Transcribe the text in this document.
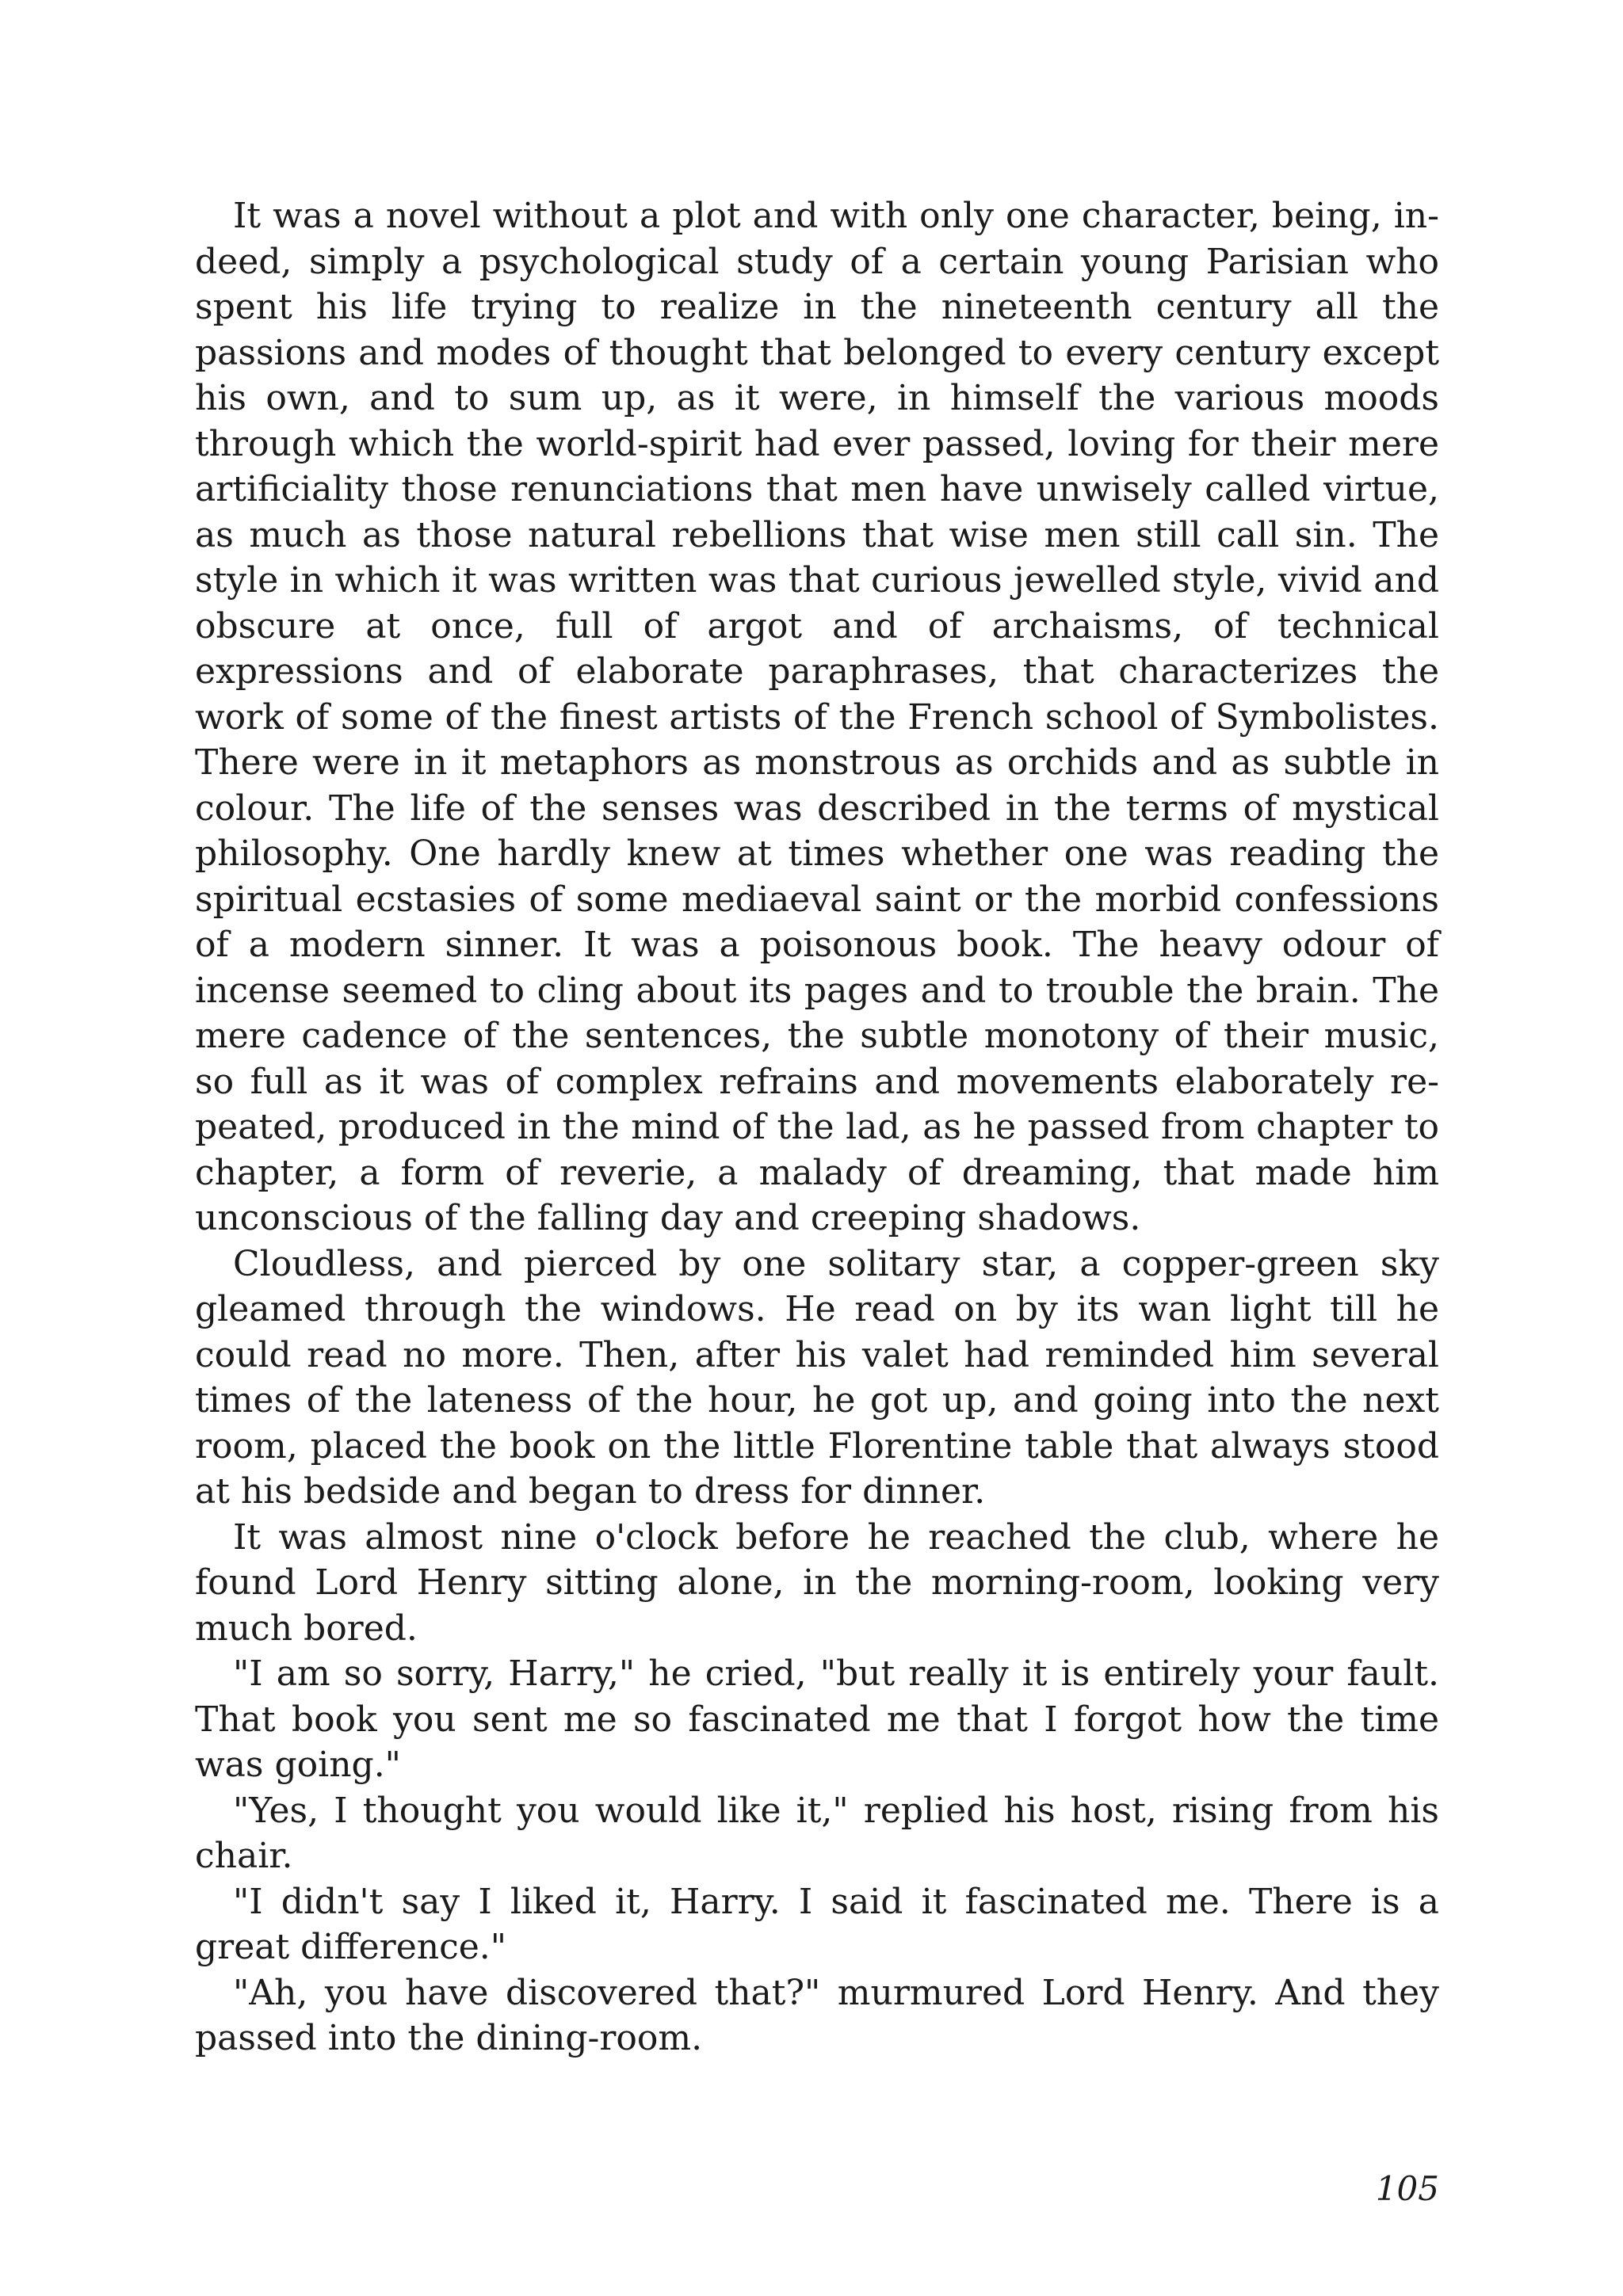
It was a novel without a plot and with only one character, being, indeed, simply a psychological study of a certain young Parisian who spent his life trying to realize in the nineteenth century all the passions and modes of thought that belonged to every century except his own, and to sum up, as it were, in himself the various moods through which the world-spirit had ever passed, loving for their mere artificiality those renunciations that men have unwisely called virtue, as much as those natural rebellions that wise men still call sin. The style in which it was written was that curious jewelled style, vivid and obscure at once, full of argot and of archaisms, of technical expressions and of elaborate paraphrases, that characterizes the work of some of the finest artists of the French school of Symbolistes. There were in it metaphors as monstrous as orchids and as subtle in colour. The life of the senses was described in the terms of mystical philosophy. One hardly knew at times whether one was reading the spiritual ecstasies of some mediaeval saint or the morbid confessions of a modern sinner. It was a poisonous book. The heavy odour of incense seemed to cling about its pages and to trouble the brain. The mere cadence of the sentences, the subtle monotony of their music, so full as it was of complex refrains and movements elaborately repeated, produced in the mind of the lad, as he passed from chapter to chapter, a form of reverie, a malady of dreaming, that made him unconscious of the falling day and creeping shadows.

Cloudless, and pierced by one solitary star, a copper-green sky gleamed through the windows. He read on by its wan light till he could read no more. Then, after his valet had reminded him several times of the lateness of the hour, he got up, and going into the next room, placed the book on the little Florentine table that always stood at his bedside and began to dress for dinner.

It was almost nine o'clock before he reached the club, where he found Lord Henry sitting alone, in the morning-room, looking very much bored.

"I am so sorry, Harry," he cried, "but really it is entirely your fault. That book you sent me so fascinated me that I forgot how the time was going."

"Yes, I thought you would like it," replied his host, rising from his chair.

"I didn't say I liked it, Harry. I said it fascinated me. There is a great difference."

"Ah, you have discovered that?" murmured Lord Henry. And they passed into the dining-room.

105
